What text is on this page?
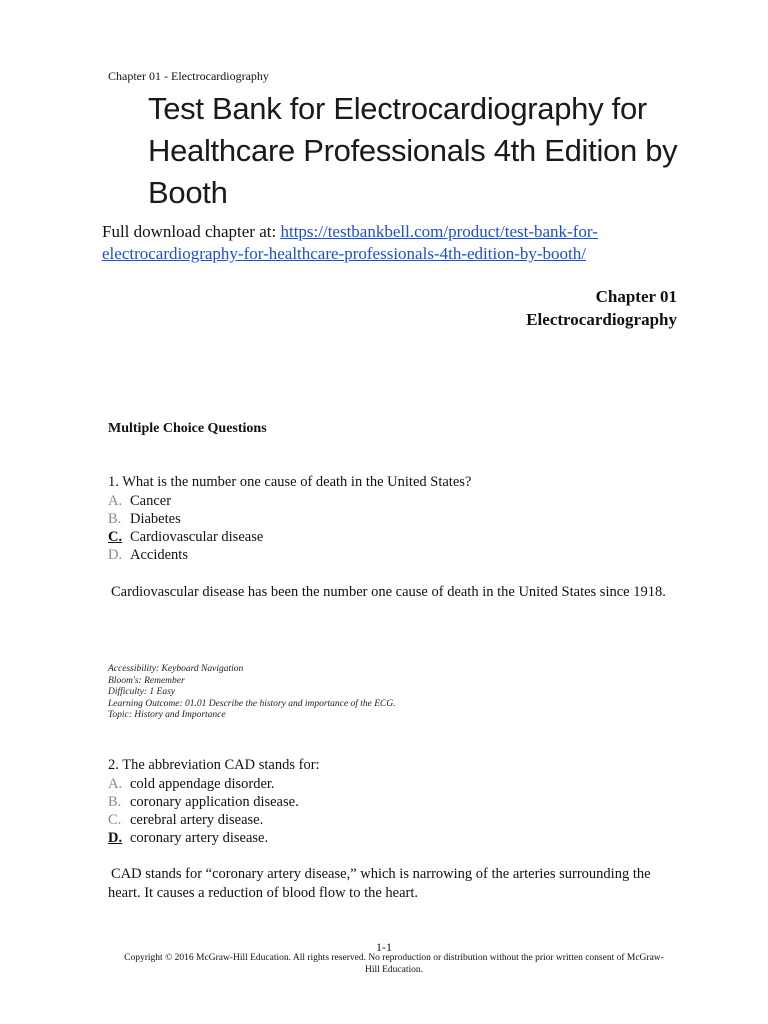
Chapter 01 - Electrocardiography
Test Bank for Electrocardiography for Healthcare Professionals 4th Edition by Booth
Full download chapter at: https://testbankbell.com/product/test-bank-for-electrocardiography-for-healthcare-professionals-4th-edition-by-booth/
Chapter 01
Electrocardiography
Multiple Choice Questions
1. What is the number one cause of death in the United States?
A. Cancer
B. Diabetes
C. Cardiovascular disease
D. Accidents
Cardiovascular disease has been the number one cause of death in the United States since 1918.
Accessibility: Keyboard Navigation
Bloom's: Remember
Difficulty: 1 Easy
Learning Outcome: 01.01 Describe the history and importance of the ECG.
Topic: History and Importance
2. The abbreviation CAD stands for:
A. cold appendage disorder.
B. coronary application disease.
C. cerebral artery disease.
D. coronary artery disease.
CAD stands for “coronary artery disease,” which is narrowing of the arteries surrounding the heart. It causes a reduction of blood flow to the heart.
1-1
Copyright © 2016 McGraw-Hill Education. All rights reserved. No reproduction or distribution without the prior written consent of McGraw-Hill Education.
